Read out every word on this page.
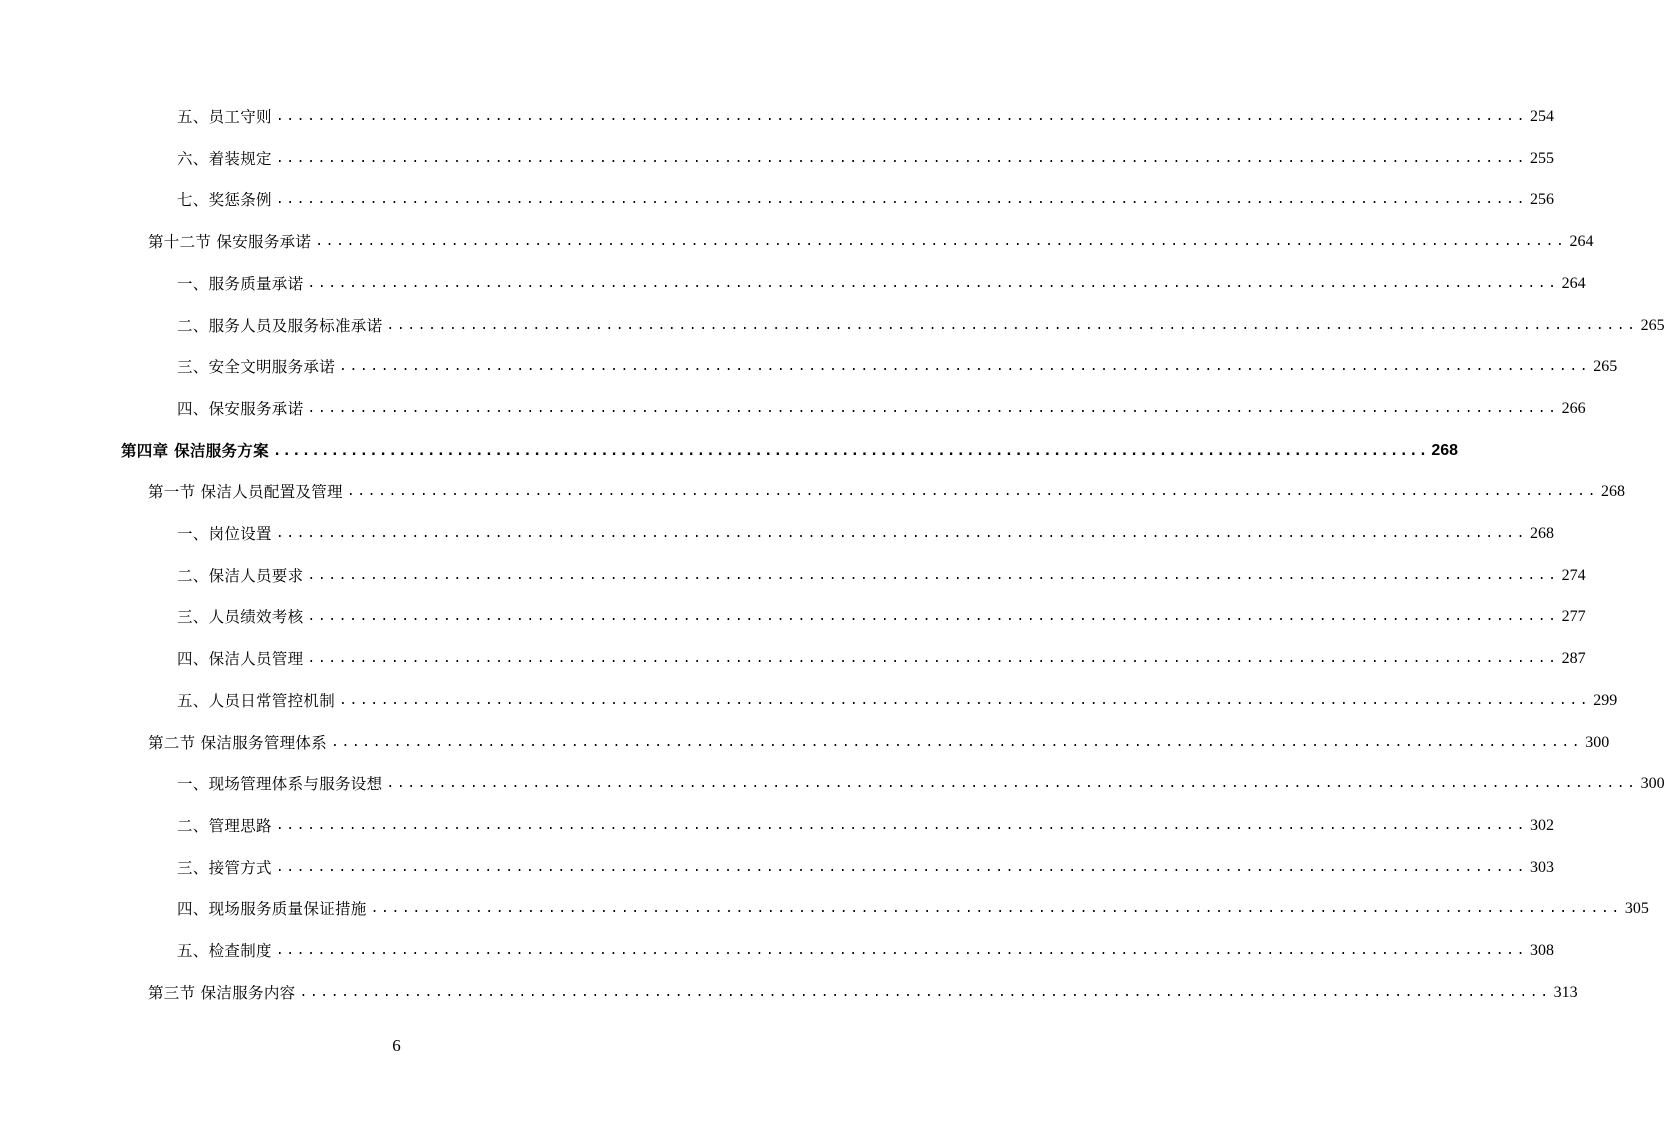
五、员工守则 ........................................................................................................................ 254
六、着装规定 ........................................................................................................................ 255
七、奖惩条例 ........................................................................................................................ 256
第十二节 保安服务承诺 ........................................................................................................................ 264
一、服务质量承诺 ........................................................................................................................ 264
二、服务人员及服务标准承诺 ........................................................................................................................ 265
三、安全文明服务承诺 ........................................................................................................................ 265
四、保安服务承诺 ........................................................................................................................ 266
第四章 保洁服务方案 ........................................................................................................................ 268
第一节 保洁人员配置及管理 ........................................................................................................................ 268
一、岗位设置 ........................................................................................................................ 268
二、保洁人员要求 ........................................................................................................................ 274
三、人员绩效考核 ........................................................................................................................ 277
四、保洁人员管理 ........................................................................................................................ 287
五、人员日常管控机制 ........................................................................................................................ 299
第二节 保洁服务管理体系 ........................................................................................................................ 300
一、现场管理体系与服务设想 ........................................................................................................................ 300
二、管理思路 ........................................................................................................................ 302
三、接管方式 ........................................................................................................................ 303
四、现场服务质量保证措施 ........................................................................................................................ 305
五、检查制度 ........................................................................................................................ 308
第三节 保洁服务内容 ........................................................................................................................ 313
6
